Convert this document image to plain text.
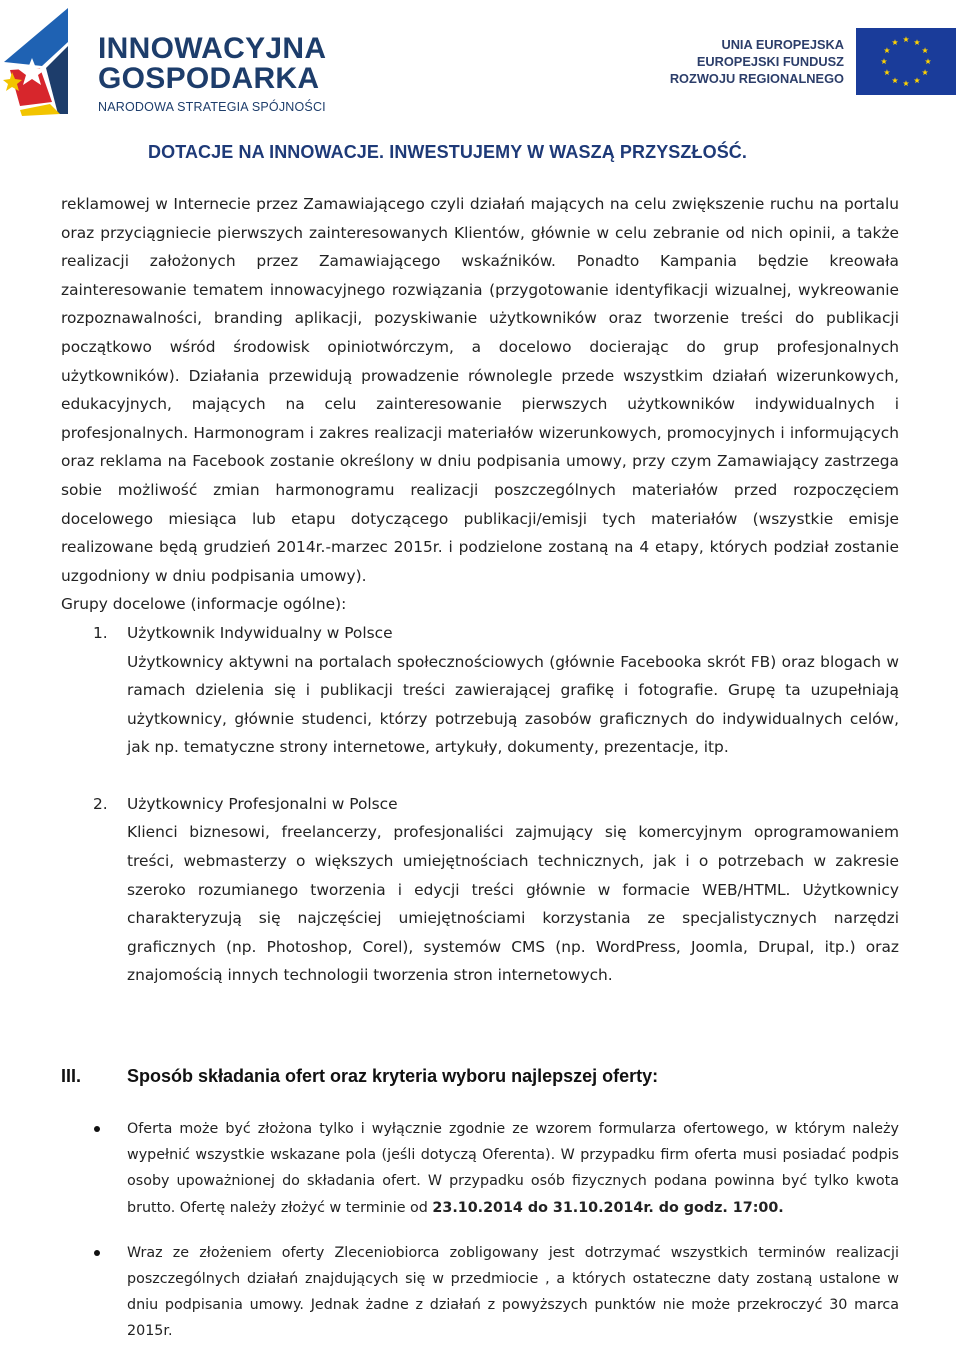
INNOWACYJNA
GOSPODARKA
NARODOWA STRATEGIA SPÓJNOŚCI
UNIA EUROPEJSKA
EUROPEJSKI FUNDUSZ
ROZWOJU REGIONALNEGO
DOTACJE NA INNOWACJE. INWESTUJEMY W WASZĄ PRZYSZŁOŚĆ.

reklamowej w Internecie przez Zamawiającego czyli działań mających na celu zwiększenie ruchu na portalu oraz przyciągniecie pierwszych zainteresowanych Klientów, głównie w celu zebranie od nich opinii, a także realizacji założonych przez Zamawiającego wskaźników. Ponadto Kampania będzie kreowała zainteresowanie tematem innowacyjnego rozwiązania (przygotowanie identyfikacji wizualnej, wykreowanie rozpoznawalności, branding aplikacji, pozyskiwanie użytkowników oraz tworzenie treści do publikacji początkowo wśród środowisk opiniotwórczym, a docelowo docierając do grup profesjonalnych użytkowników). Działania przewidują prowadzenie równolegle przede wszystkim działań wizerunkowych, edukacyjnych, mających na celu zainteresowanie pierwszych użytkowników indywidualnych i profesjonalnych. Harmonogram i zakres realizacji materiałów wizerunkowych, promocyjnych i informujących oraz reklama na Facebook zostanie określony w dniu podpisania umowy, przy czym Zamawiający zastrzega sobie możliwość zmian harmonogramu realizacji poszczególnych materiałów przed rozpoczęciem docelowego miesiąca lub etapu dotyczącego publikacji/emisji tych materiałów (wszystkie emisje realizowane będą grudzień 2014r.-marzec 2015r. i podzielone zostaną na 4 etapy, których podział zostanie uzgodniony w dniu podpisania umowy).

Grupy docelowe (informacje ogólne):

1. Użytkownik Indywidualny w Polsce

Użytkownicy aktywni na portalach społecznościowych (głównie Facebooka skrót FB) oraz blogach w ramach dzielenia się i publikacji treści zawierającej grafikę i fotografie. Grupę ta uzupełniają użytkownicy, głównie studenci, którzy potrzebują zasobów graficznych do indywidualnych celów, jak np. tematyczne strony internetowe, artykuły, dokumenty, prezentacje, itp.

2. Użytkownicy Profesjonalni w Polsce

Klienci biznesowi, freelancerzy, profesjonaliści zajmujący się komercyjnym oprogramowaniem treści, webmasterzy o większych umiejętnościach technicznych, jak i o potrzebach w zakresie szeroko rozumianego tworzenia i edycji treści głównie w formacie WEB/HTML. Użytkownicy charakteryzują się najczęściej umiejętnościami korzystania ze specjalistycznych narzędzi graficznych (np. Photoshop, Corel), systemów CMS (np. WordPress, Joomla, Drupal, itp.) oraz znajomością innych technologii tworzenia stron internetowych.

III.	Sposób składania ofert oraz kryteria wyboru najlepszej oferty:

Oferta może być złożona tylko i wyłącznie zgodnie ze wzorem formularza ofertowego, w którym należy wypełnić wszystkie wskazane pola (jeśli dotyczą Oferenta). W przypadku firm oferta musi posiadać podpis osoby upoważnionej do składania ofert. W przypadku osób fizycznych podana powinna być tylko kwota brutto. Ofertę należy złożyć w terminie od 23.10.2014 do 31.10.2014r. do godz. 17:00.

Wraz ze złożeniem oferty Zleceniobiorca zobligowany jest dotrzymać wszystkich terminów realizacji poszczególnych działań znajdujących się w przedmiocie , a których ostateczne daty zostaną ustalone w dniu podpisania umowy. Jednak żadne z działań z powyższych punktów nie może przekroczyć 30 marca 2015r.
